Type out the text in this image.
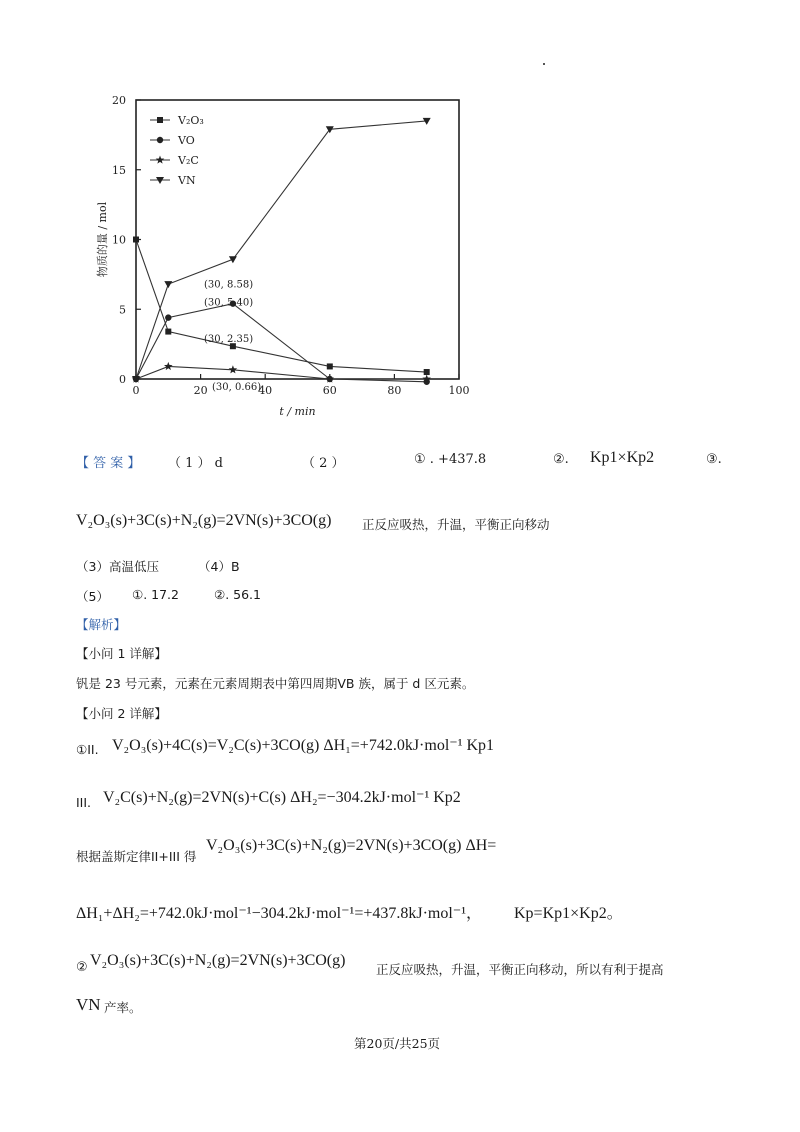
0	20	40	60	80	100
0
5
10
15
20
物质的量 / mol
t / min
V₂O₃
VO
V₂C
VN
(30, 8.58)
(30, 5.40)
(30, 2.35)
(30, 0.66)
【 答 案 】 （ 1 ） d	（ 2 ）	① . +437.8	②. Kp1×Kp2	③.
V₂O₃(s)+3C(s)+N₂(g)=2VN(s)+3CO(g) 正反应吸热，升温，平衡正向移动
（3）高温低压	（4）B
（5） ①. 17.2	②. 56.1
【解析】
【小问 1 详解】
钒是 23 号元素，元素在元素周期表中第四周期ⅤB 族，属于 d 区元素。
【小问 2 详解】
①II. V₂O₃(s)+4C(s)=V₂C(s)+3CO(g) ΔH₁=+742.0kJ·mol⁻¹ Kp1
III. V₂C(s)+N₂(g)=2VN(s)+C(s) ΔH₂=−304.2kJ·mol⁻¹ Kp2
根据盖斯定律II+III 得
V₂O₃(s)+3C(s)+N₂(g)=2VN(s)+3CO(g) ΔH=
ΔH₁+ΔH₂=+742.0kJ·mol⁻¹−304.2kJ·mol⁻¹=+437.8kJ·mol⁻¹， Kp=Kp1×Kp2。
② V₂O₃(s)+3C(s)+N₂(g)=2VN(s)+3CO(g)
正反应吸热，升温，平衡正向移动，所以有利于提高
VN 产率。
第20页/共25页
